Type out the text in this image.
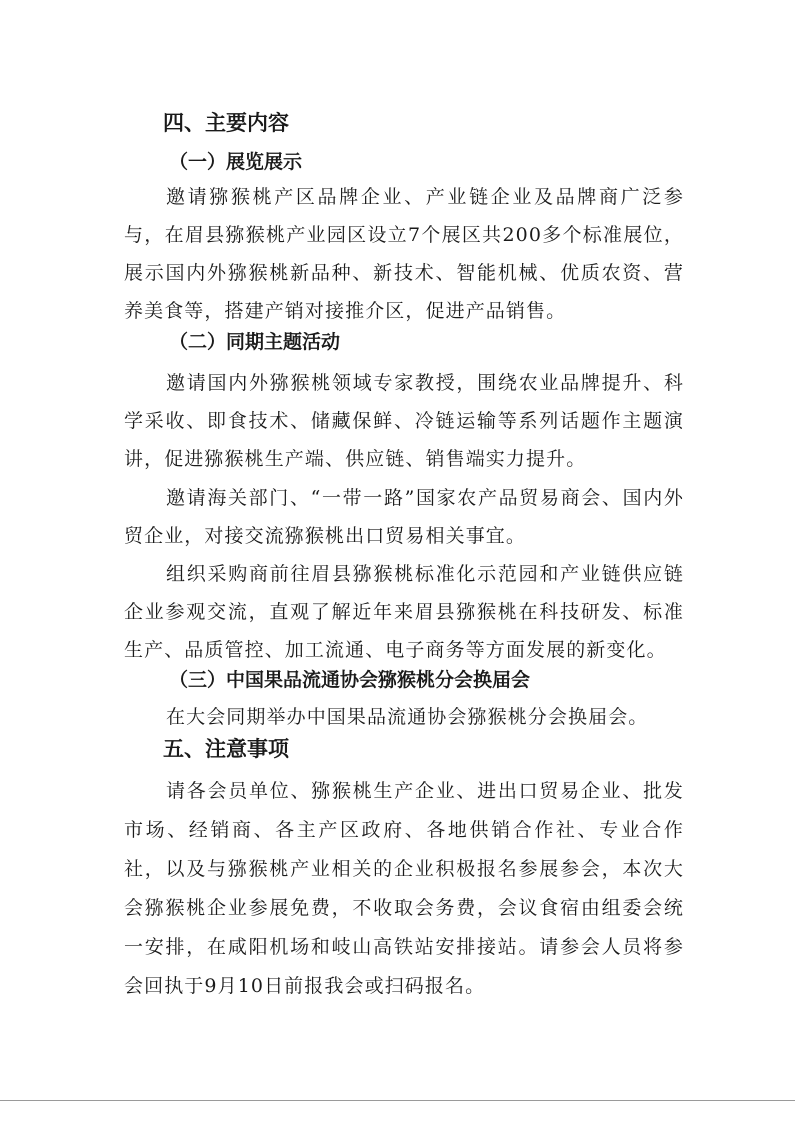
四、主要内容
（一）展览展示

邀请猕猴桃产区品牌企业、产业链企业及品牌商广泛参与，在眉县猕猴桃产业园区设立7个展区共200多个标准展位，展示国内外猕猴桃新品种、新技术、智能机械、优质农资、营养美食等，搭建产销对接推介区，促进产品销售。

（二）同期主题活动

邀请国内外猕猴桃领域专家教授，围绕农业品牌提升、科学采收、即食技术、储藏保鲜、冷链运输等系列话题作主题演讲，促进猕猴桃生产端、供应链、销售端实力提升。

邀请海关部门、“一带一路”国家农产品贸易商会、国内外贸企业，对接交流猕猴桃出口贸易相关事宜。

组织采购商前往眉县猕猴桃标准化示范园和产业链供应链企业参观交流，直观了解近年来眉县猕猴桃在科技研发、标准生产、品质管控、加工流通、电子商务等方面发展的新变化。

（三）中国果品流通协会猕猴桃分会换届会

在大会同期举办中国果品流通协会猕猴桃分会换届会。

五、注意事项

请各会员单位、猕猴桃生产企业、进出口贸易企业、批发市场、经销商、各主产区政府、各地供销合作社、专业合作社，以及与猕猴桃产业相关的企业积极报名参展参会，本次大会猕猴桃企业参展免费，不收取会务费，会议食宿由组委会统一安排，在咸阳机场和岐山高铁站安排接站。请参会人员将参会回执于9月10日前报我会或扫码报名。
